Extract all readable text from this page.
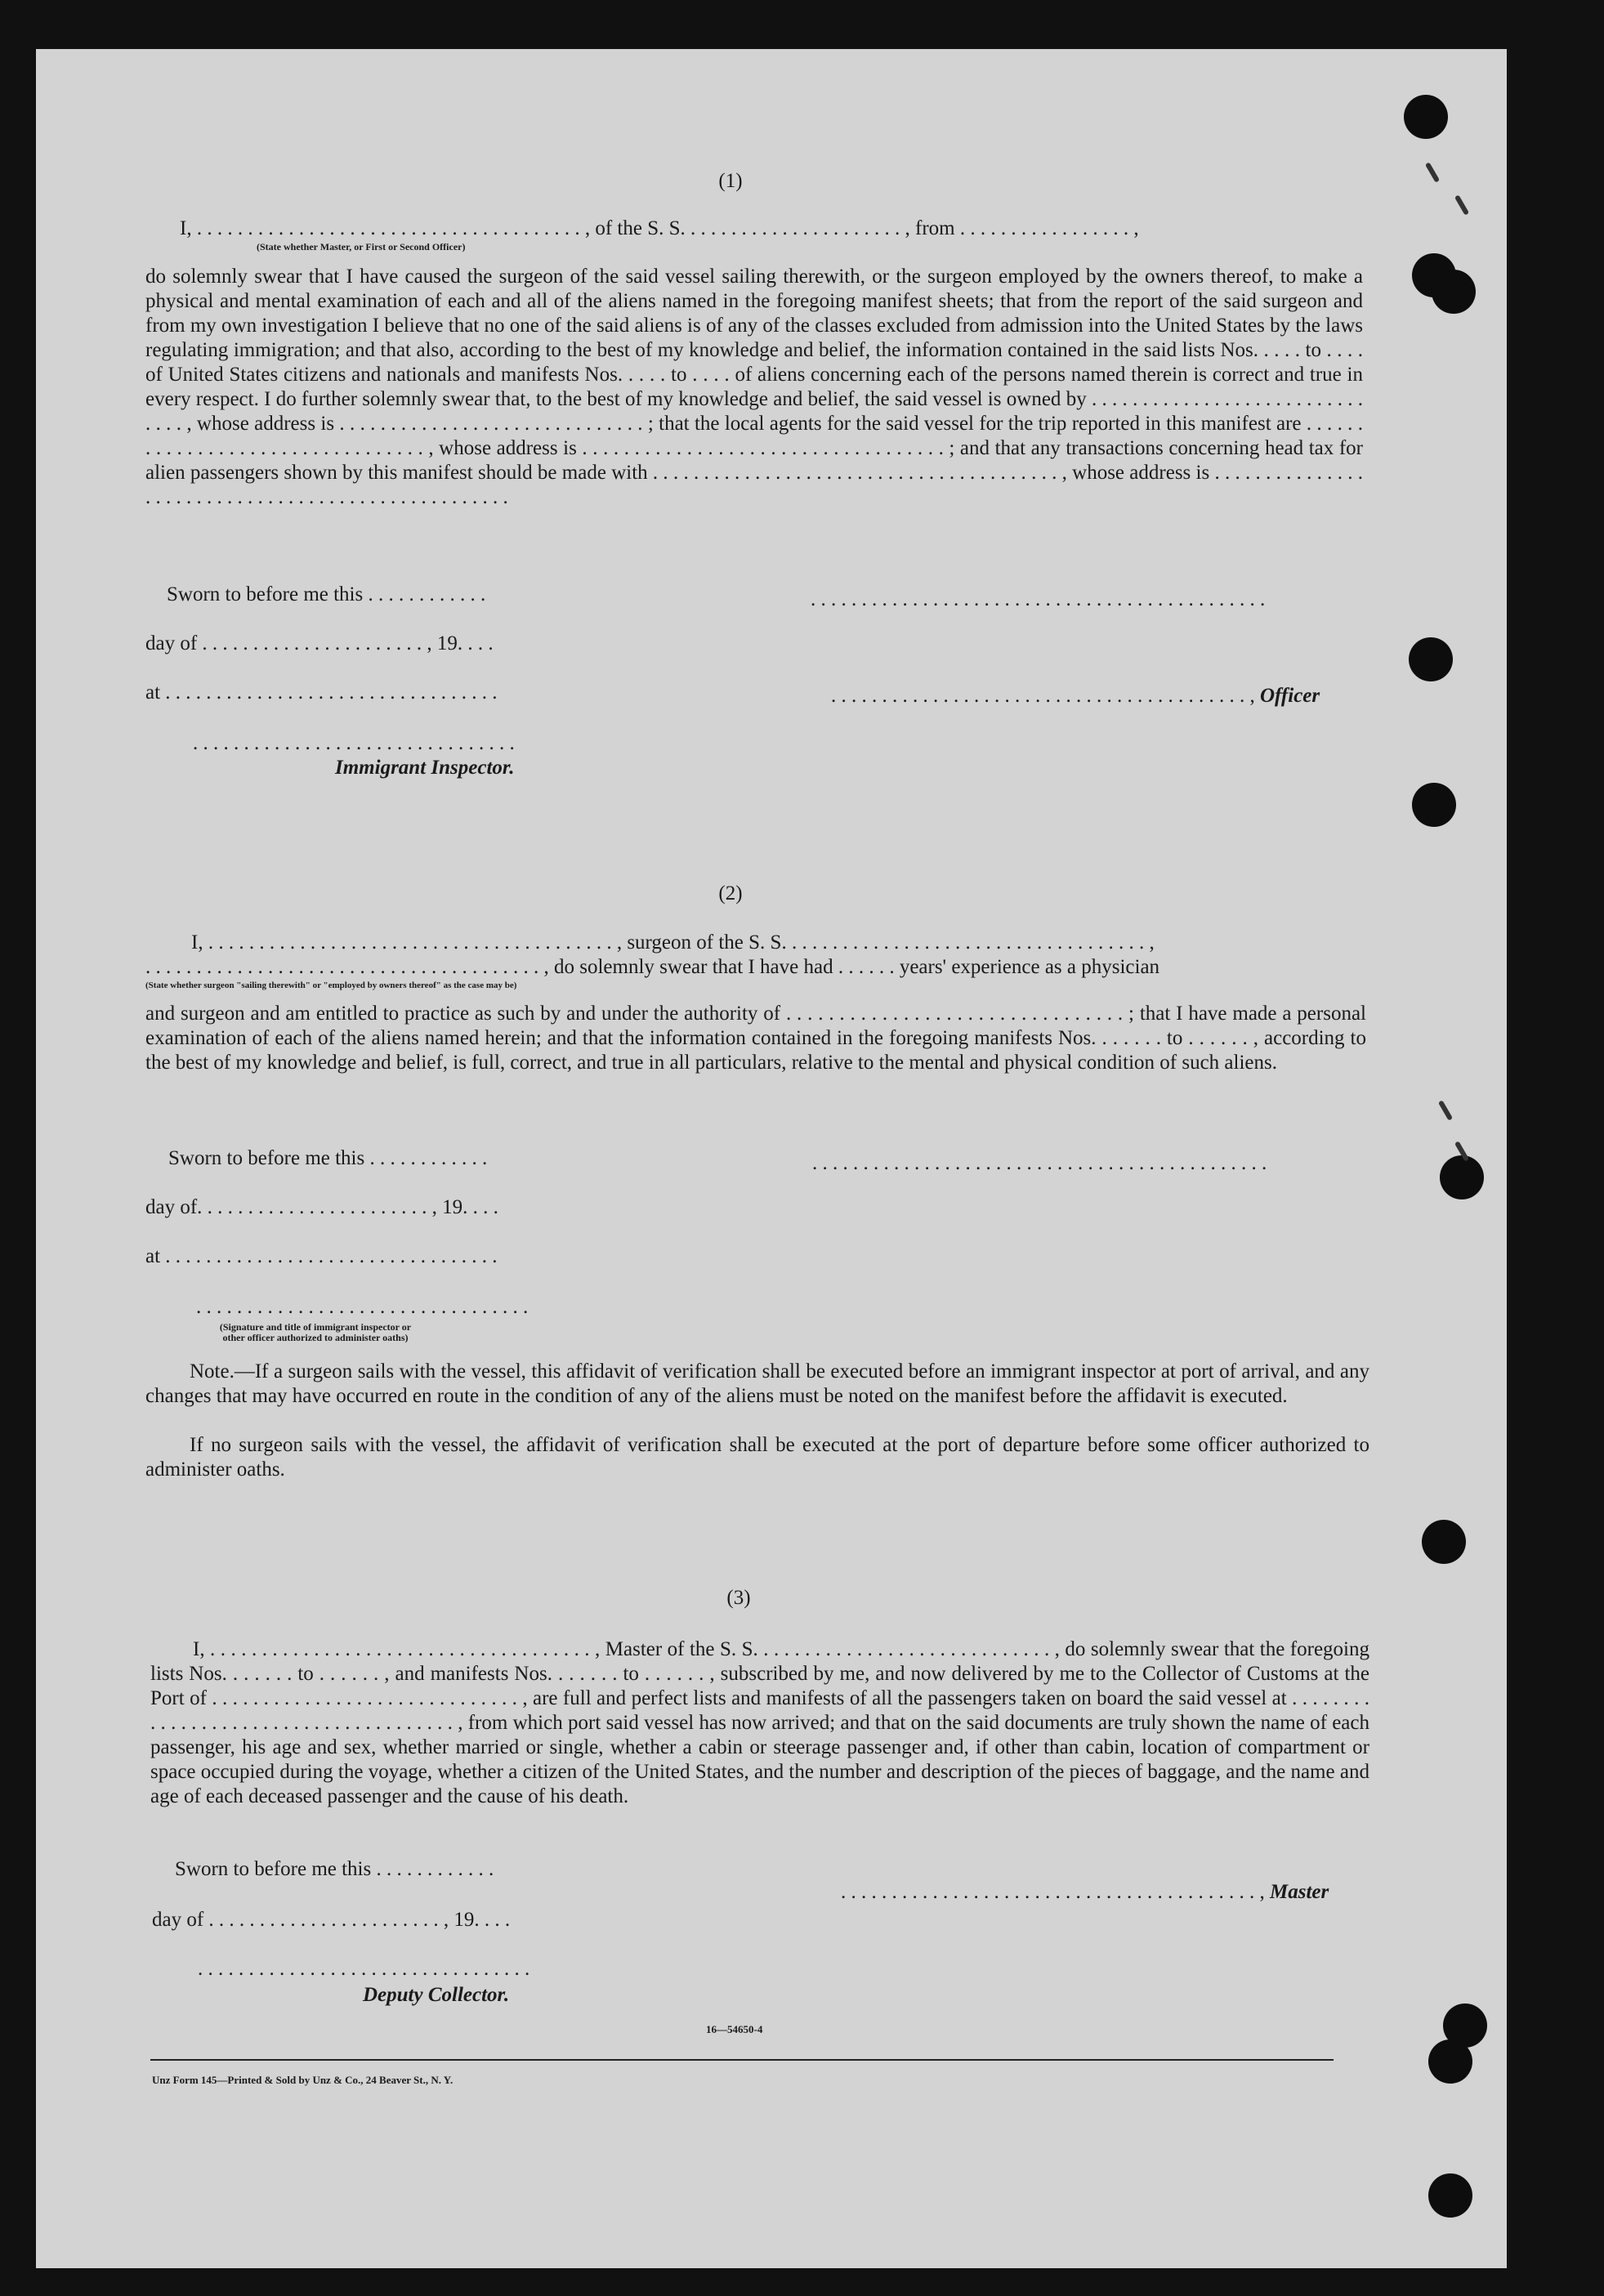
(1)
I, . . . . . . . . . . . . . . . . . . . . . . . . . . . . . . . . . . . . . . , of the S. S. . . . . . . . . . . . . . . . . . . . . . , from . . . . . . . . . . . . . . . . . ,
(State whether Master, or First or Second Officer)
do solemnly swear that I have caused the surgeon of the said vessel sailing therewith, or the surgeon employed by the owners thereof, to make a physical and mental examination of each and all of the aliens named in the foregoing manifest sheets; that from the report of the said surgeon and from my own investigation I believe that no one of the said aliens is of any of the classes excluded from admission into the United States by the laws regulating immigration; and that also, according to the best of my knowledge and belief, the information contained in the said lists Nos. . . . . to . . . . of United States citizens and nationals and manifests Nos. . . . . to . . . . of aliens concerning each of the persons named therein is correct and true in every respect. I do further solemnly swear that, to the best of my knowledge and belief, the said vessel is owned by . . . . . . . . . . . . . . . . . . . . . . . . . . . . . . . , whose address is . . . . . . . . . . . . . . . . . . . . . . . . . . . . . . ; that the local agents for the said vessel for the trip reported in this manifest are . . . . . . . . . . . . . . . . . . . . . . . . . . . . . . . . . , whose address is . . . . . . . . . . . . . . . . . . . . . . . . . . . . . . . . . . . ; and that any transactions concerning head tax for alien passengers shown by this manifest should be made with . . . . . . . . . . . . . . . . . . . . . . . . . . . . . . . . . . . . . . . . , whose address is . . . . . . . . . . . . . . . . . . . . . . . . . . . . . . . . . . . . . . . . . . . . . . . . . . .
Sworn to before me this . . . . . . . . . . . .
day of . . . . . . . . . . . . . . . . . . . . . . , 19. . . .
at . . . . . . . . . . . . . . . . . . . . . . . . . . . . . . . . .
. . . . . . . . . . . . . . . . . . . . . . . . . . . . . . . .
Immigrant Inspector.
. . . . . . . . . . . . . . . . . . . . . . . . . . . . . . . . . . . . . . . . . . . . .

. . . . . . . . . . . . . . . . . . . . . . . . . . . . . . . . . . . . . . . . . , Officer

(2)
I, . . . . . . . . . . . . . . . . . . . . . . . . . . . . . . . . . . . . . . . . , surgeon of the S. S. . . . . . . . . . . . . . . . . . . . . . . . . . . . . . . . . . . . ,
. . . . . . . . . . . . . . . . . . . . . . . . . . . . . . . . . . . . . . . , do solemnly swear that I have had . . . . . . years' experience as a physician
(State whether surgeon "sailing therewith" or "employed by owners thereof" as the case may be)
and surgeon and am entitled to practice as such by and under the authority of . . . . . . . . . . . . . . . . . . . . . . . . . . . . . . . . ; that I have made a personal examination of each of the aliens named herein; and that the information contained in the foregoing manifests Nos. . . . . . . to . . . . . . , according to the best of my knowledge and belief, is full, correct, and true in all particulars, relative to the mental and physical condition of such aliens.
Sworn to before me this . . . . . . . . . . . .
day of. . . . . . . . . . . . . . . . . . . . . . . , 19. . . .
at . . . . . . . . . . . . . . . . . . . . . . . . . . . . . . . . .
. . . . . . . . . . . . . . . . . . . . . . . . . . . . . . . . .
(Signature and title of immigrant inspector or other officer authorized to administer oaths)
. . . . . . . . . . . . . . . . . . . . . . . . . . . . . . . . . . . . . . . . . . . . .
Note.—If a surgeon sails with the vessel, this affidavit of verification shall be executed before an immigrant inspector at port of arrival, and any changes that may have occurred en route in the condition of any of the aliens must be noted on the manifest before the affidavit is executed.
If no surgeon sails with the vessel, the affidavit of verification shall be executed at the port of departure before some officer authorized to administer oaths.
(3)
I, . . . . . . . . . . . . . . . . . . . . . . . . . . . . . . . . . . . . . , Master of the S. S. . . . . . . . . . . . . . . . . . . . . . . . . . . . . , do solemnly swear that the foregoing lists Nos. . . . . . . to . . . . . . , and manifests Nos. . . . . . . to . . . . . . , subscribed by me, and now delivered by me to the Collector of Customs at the Port of . . . . . . . . . . . . . . . . . . . . . . . . . . . . . . , are full and perfect lists and manifests of all the passengers taken on board the said vessel at . . . . . . . . . . . . . . . . . . . . . . . . . . . . . . . . . . . . . . , from which port said vessel has now arrived; and that on the said documents are truly shown the name of each passenger, his age and sex, whether married or single, whether a cabin or steerage passenger and, if other than cabin, location of compartment or space occupied during the voyage, whether a citizen of the United States, and the number and description of the pieces of baggage, and the name and age of each deceased passenger and the cause of his death.
Sworn to before me this . . . . . . . . . . . .

. . . . . . . . . . . . . . . . . . . . . . . . . . . . . . . . . . . . . . . . . , Master

day of . . . . . . . . . . . . . . . . . . . . . . . , 19. . . .
. . . . . . . . . . . . . . . . . . . . . . . . . . . . . . . . .
Deputy Collector.
16—54650-4
Unz Form 145—Printed & Sold by Unz & Co., 24 Beaver St., N. Y.
